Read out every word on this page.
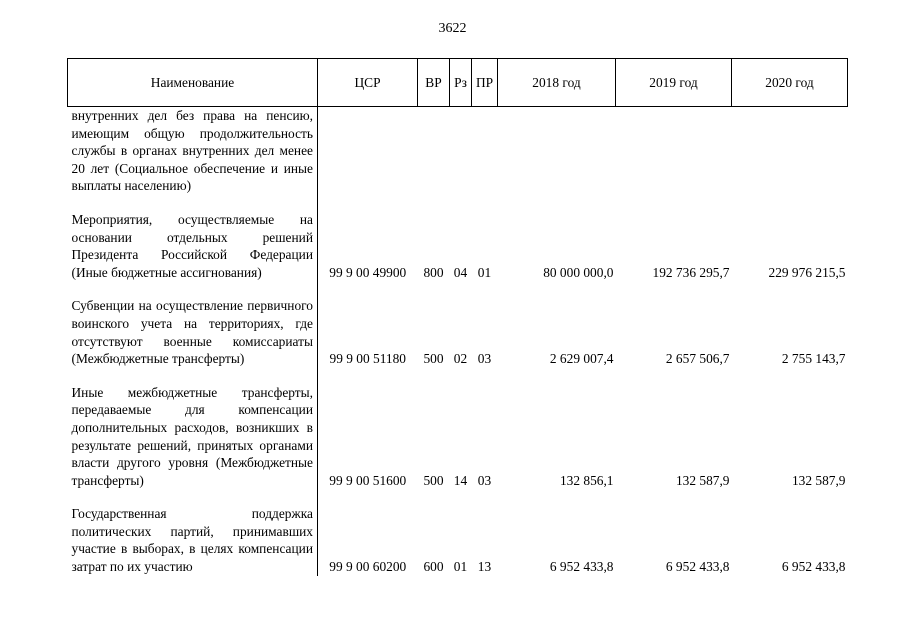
3622
Наименование	ЦСР	ВР	Рз	ПР	2018 год	2019 год	2020 год
внутренних дел без права на пенсию, имеющим общую продолжительность службы в органах внутренних дел менее 20 лет (Социальное обеспечение и иные выплаты населению)							

Мероприятия, осуществляемые на основании отдельных решений Президента Российской Федерации (Иные бюджетные ассигнования)	99 9 00 49900	800	04	01	80 000 000,0	192 736 295,7	229 976 215,5

Субвенции на осуществление первичного воинского учета на территориях, где отсутствуют военные комиссариаты (Межбюджетные трансферты)	99 9 00 51180	500	02	03	2 629 007,4	2 657 506,7	2 755 143,7

Иные межбюджетные трансферты, передаваемые для компенсации дополнительных расходов, возникших в результате решений, принятых органами власти другого уровня (Межбюджетные трансферты)	99 9 00 51600	500	14	03	132 856,1	132 587,9	132 587,9

Государственная поддержка политических партий, принимавших участие в выборах, в целях компенсации затрат по их участию	99 9 00 60200	600	01	13	6 952 433,8	6 952 433,8	6 952 433,8
